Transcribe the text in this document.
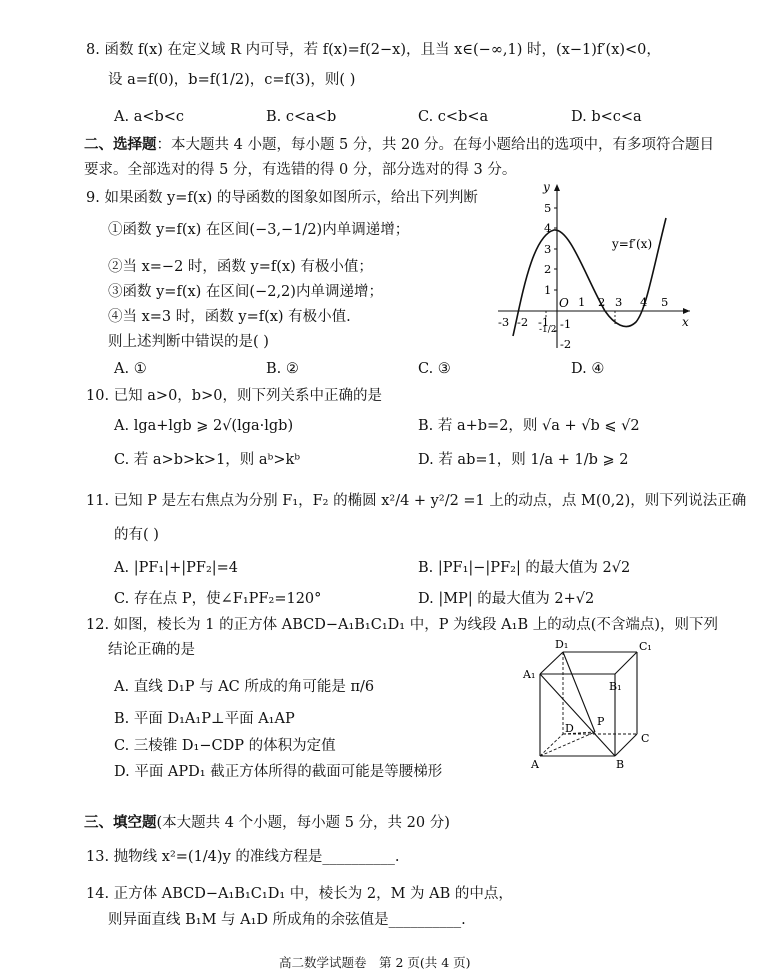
8. 函数 f(x) 在定义域 R 内可导，若 f(x)=f(2−x)，且当 x∈(−∞,1) 时，(x−1)f′(x)<0，
设 a=f(0)，b=f(1/2)，c=f(3)，则( )
A. a<b<c	B. c<a<b	C. c<b<a	D. b<c<a
二、选择题：本大题共 4 小题，每小题 5 分，共 20 分。在每小题给出的选项中，有多项符合题目
要求。全部选对的得 5 分，有选错的得 0 分，部分选对的得 3 分。
9. 如果函数 y=f(x) 的导函数的图象如图所示，给出下列判断
①函数 y=f(x) 在区间(−3,−1/2)内单调递增；
②当 x=−2 时，函数 y=f(x) 有极小值；
③函数 y=f(x) 在区间(−2,2)内单调递增；
④当 x=3 时，函数 y=f(x) 有极小值.
则上述判断中错误的是( )
A. ①	B. ②	C. ③	D. ④
y
x
y=f′(x)
O
5
4
3
2
1
-1
-2
-3 -2 -1
1 2 3 4 5
-1/2
10. 已知 a>0，b>0，则下列关系中正确的是
A. lga+lgb ⩾ 2√(lga·lgb)	B. 若 a+b=2，则 √a + √b ⩽ √2
C. 若 a>b>k>1，则 aᵇ>kᵇ	D. 若 ab=1，则 1/a + 1/b ⩾ 2
11. 已知 P 是左右焦点为分别 F₁，F₂ 的椭圆 x²/4 + y²/2 =1 上的动点，点 M(0,2)，则下列说法正确
的有( )
A. |PF₁|+|PF₂|=4	B. |PF₁|−|PF₂| 的最大值为 2√2
C. 存在点 P，使∠F₁PF₂=120°	D. |MP| 的最大值为 2+√2
12. 如图，棱长为 1 的正方体 ABCD−A₁B₁C₁D₁ 中，P 为线段 A₁B 上的动点(不含端点)，则下列
结论正确的是
A. 直线 D₁P 与 AC 所成的角可能是 π/6
B. 平面 D₁A₁P⊥平面 A₁AP
C. 三棱锥 D₁−CDP 的体积为定值
D. 平面 APD₁ 截正方体所得的截面可能是等腰梯形
D₁	C₁
A₁
B₁
P
D
C
A	B
三、填空题(本大题共 4 个小题，每小题 5 分，共 20 分)
13. 抛物线 x²=(1/4)y 的准线方程是__________.
14. 正方体 ABCD−A₁B₁C₁D₁ 中，棱长为 2，M 为 AB 的中点，
则异面直线 B₁M 与 A₁D 所成角的余弦值是__________.
高二数学试题卷　第 2 页(共 4 页)
